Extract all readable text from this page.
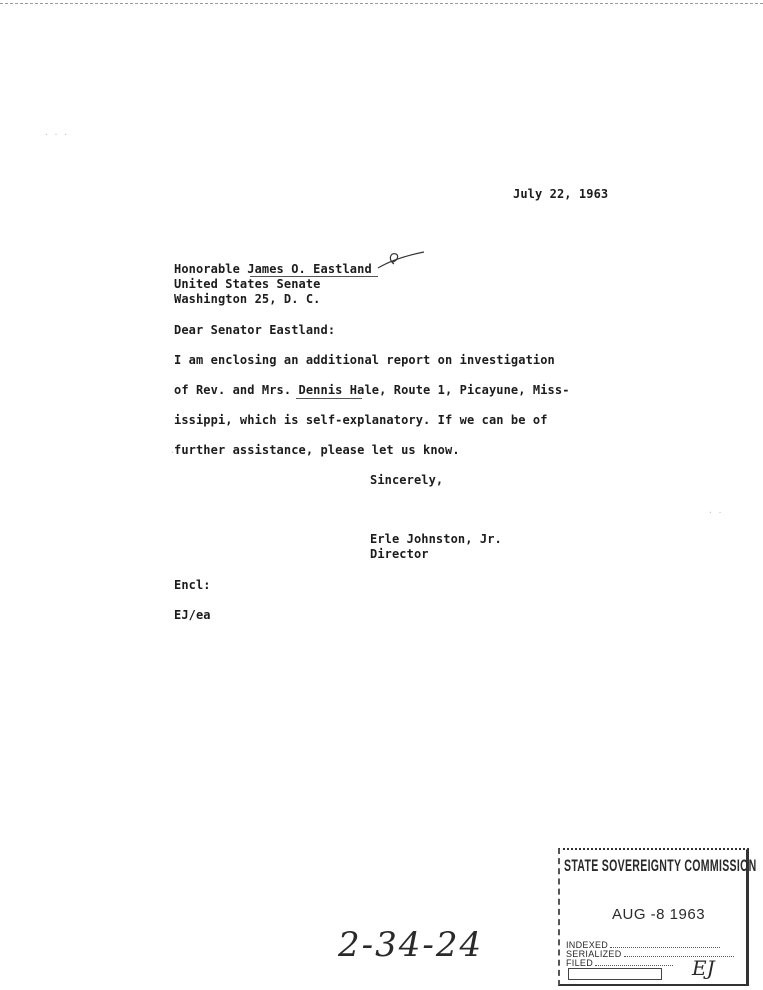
July 22, 1963
Honorable James O. Eastland
United States Senate
Washington 25, D. C.
Dear Senator Eastland:
I am enclosing an additional report on investigation
of Rev. and Mrs. Dennis Hale, Route 1, Picayune, Miss-
issippi, which is self-explanatory. If we can be of
further assistance, please let us know.
Sincerely,
Erle Johnston, Jr.
Director
Encl:
EJ/ea
2-34-24
STATE SOVEREIGNTY COMMISSION
AUG -8 1963
INDEXED
SERIALIZED
FILED	EJ
· · ·
· ·
·
